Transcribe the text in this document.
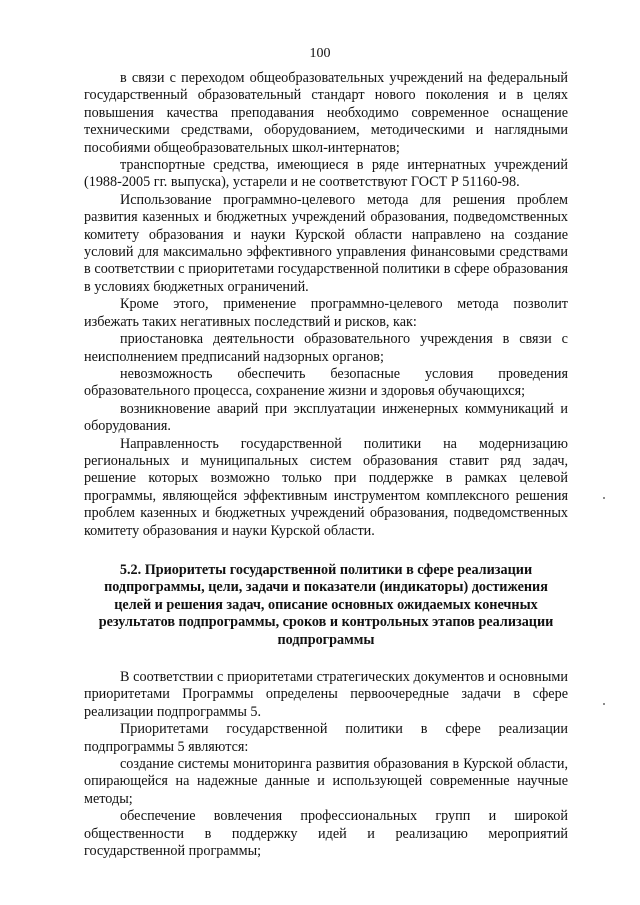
100

в связи с переходом общеобразовательных учреждений на федеральный государственный образовательный стандарт нового поколения и в целях повышения качества преподавания необходимо современное оснащение техническими средствами, оборудованием, методическими и наглядными пособиями общеобразовательных школ-интернатов;

транспортные средства, имеющиеся в ряде интернатных учреждений (1988-2005 гг. выпуска), устарели и не соответствуют ГОСТ Р 51160-98.

Использование программно-целевого метода для решения проблем развития казенных и бюджетных учреждений образования, подведомственных комитету образования и науки Курской области направлено на создание условий для максимально эффективного управления финансовыми средствами в соответствии с приоритетами государственной политики в сфере образования в условиях бюджетных ограничений.

Кроме этого, применение программно-целевого метода позволит избежать таких негативных последствий и рисков, как:

приостановка деятельности образовательного учреждения в связи с неисполнением предписаний надзорных органов;

невозможность обеспечить безопасные условия проведения образовательного процесса, сохранение жизни и здоровья обучающихся;

возникновение аварий при эксплуатации инженерных коммуникаций и оборудования.

Направленность государственной политики на модернизацию региональных и муниципальных систем образования ставит ряд задач, решение которых возможно только при поддержке в рамках целевой программы, являющейся эффективным инструментом комплексного решения проблем казенных и бюджетных учреждений образования, подведомственных комитету образования и науки Курской области.

5.2. Приоритеты государственной политики в сфере реализации подпрограммы, цели, задачи и показатели (индикаторы) достижения целей и решения задач, описание основных ожидаемых конечных результатов подпрограммы, сроков и контрольных этапов реализации подпрограммы

В соответствии с приоритетами стратегических документов и основными приоритетами Программы определены первоочередные задачи в сфере реализации подпрограммы 5.

Приоритетами государственной политики в сфере реализации подпрограммы 5 являются:

создание системы мониторинга развития образования в Курской области, опирающейся на надежные данные и использующей современные научные методы;

обеспечение вовлечения профессиональных групп и широкой общественности в поддержку идей и реализацию мероприятий государственной программы;
